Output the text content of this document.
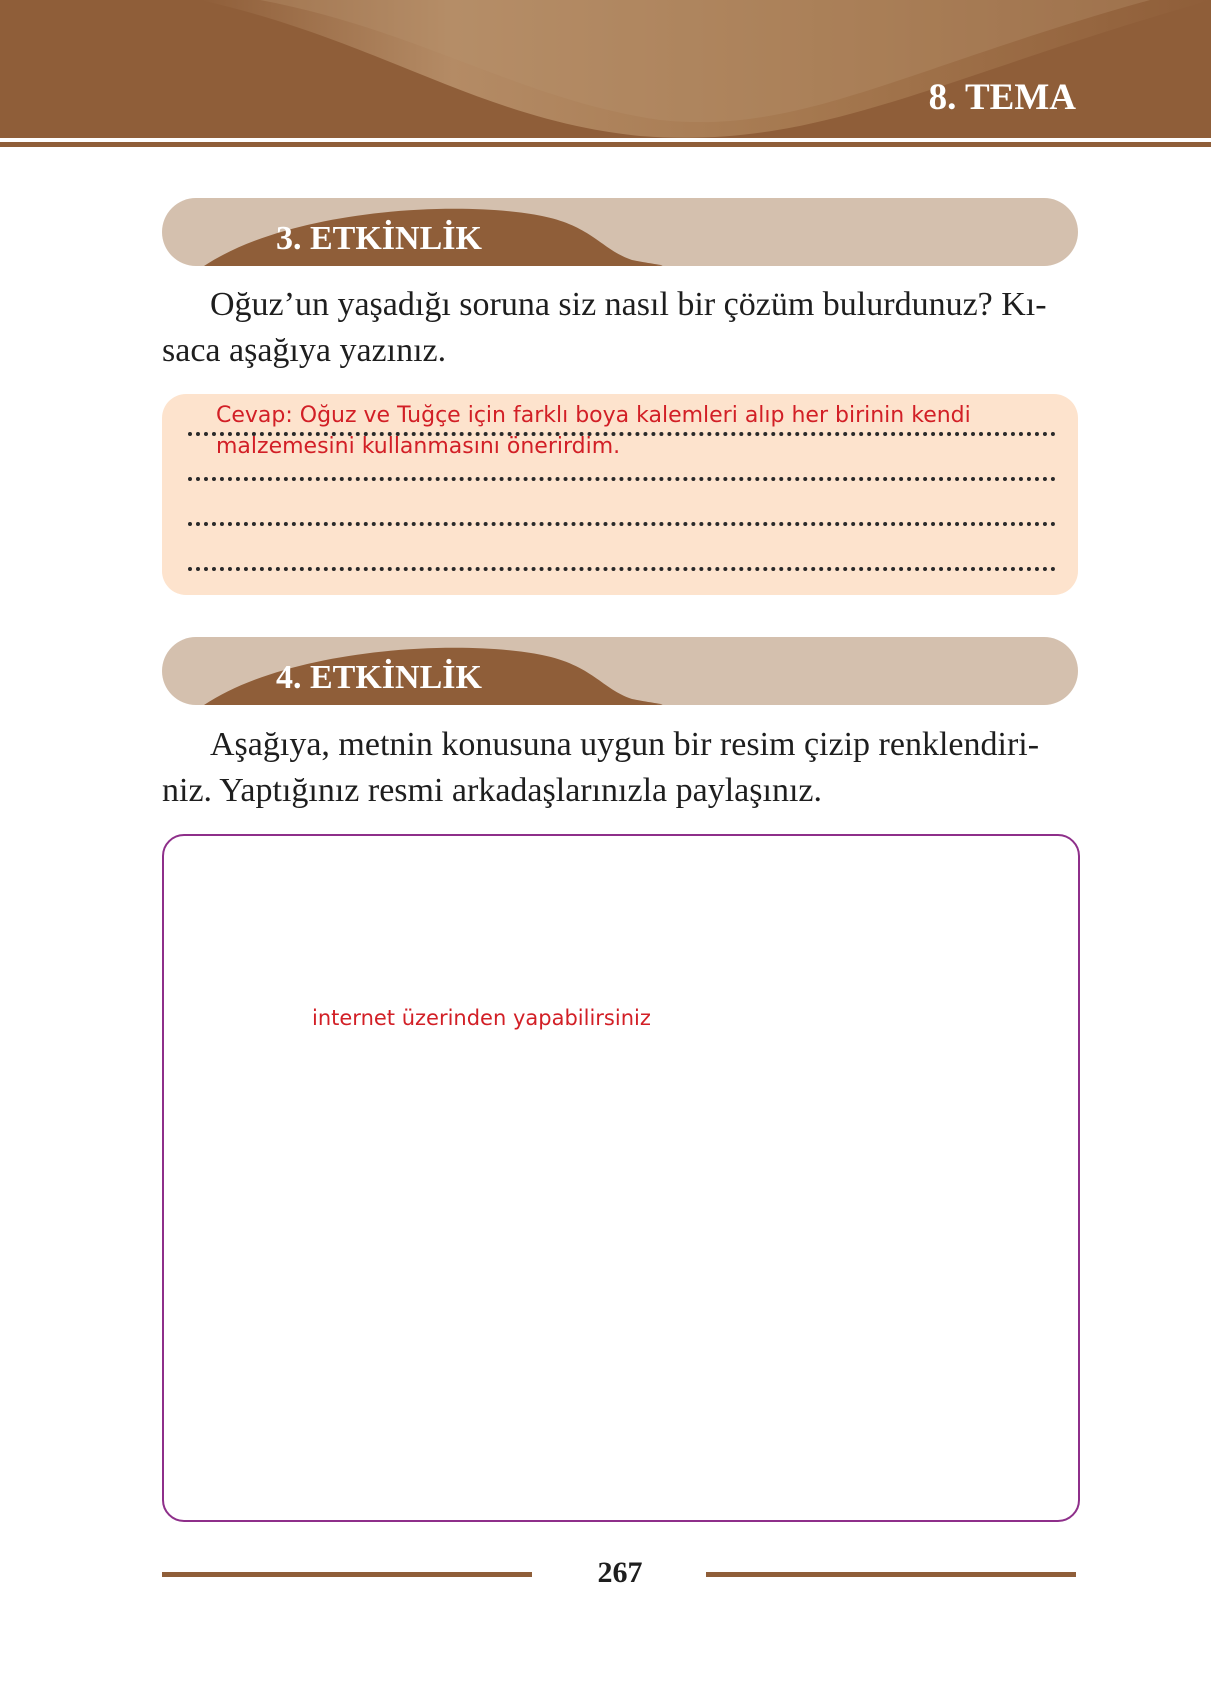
8. TEMA
3. ETKİNLİK

Oğuz’un yaşadığı soruna siz nasıl bir çözüm bulurdunuz? Kı-
saca aşağıya yazınız.

Cevap: Oğuz ve Tuğçe için farklı boya kalemleri alıp her birinin kendi malzemesini kullanmasını önerirdim.

4. ETKİNLİK

Aşağıya, metnin konusuna uygun bir resim çizip renklendiri-
niz. Yaptığınız resmi arkadaşlarınızla paylaşınız.

internet üzerinden yapabilirsiniz
267
